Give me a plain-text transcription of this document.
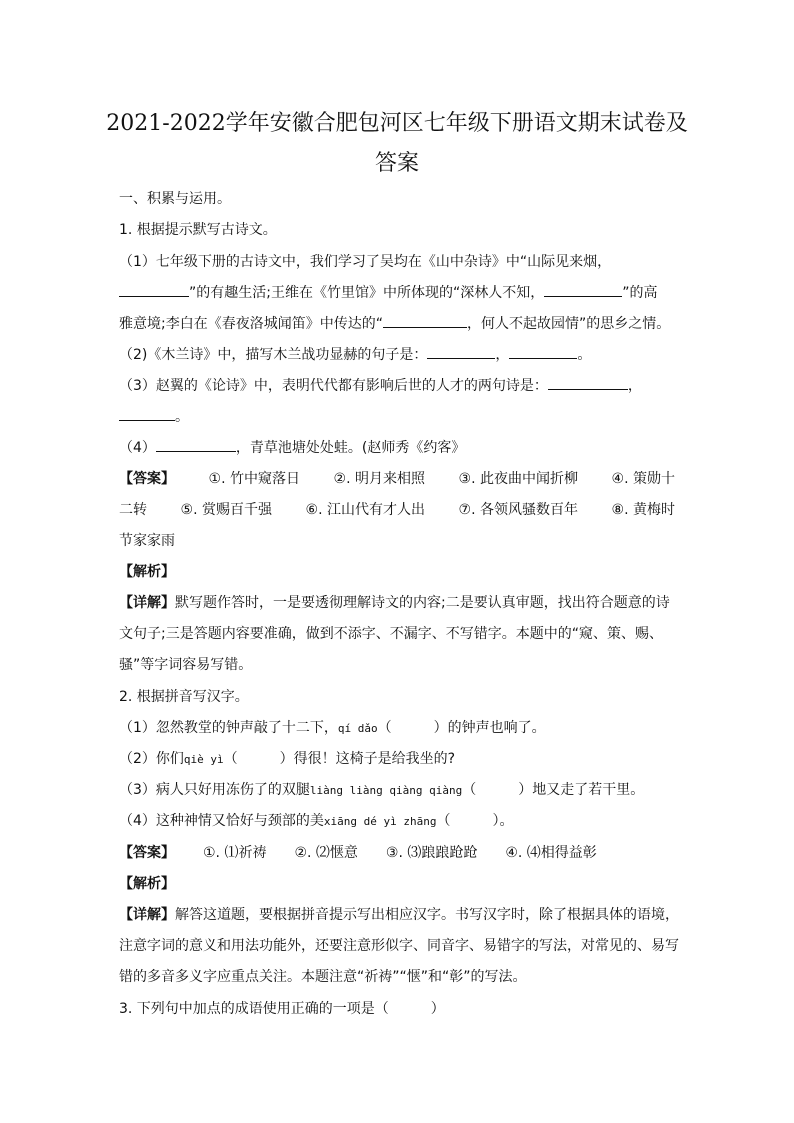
2021-2022学年安徽合肥包河区七年级下册语文期末试卷及
答案
一、积累与运用。
1. 根据提示默写古诗文。
（1）七年级下册的古诗文中，我们学习了吴均在《山中杂诗》中“山际见来烟，
”的有趣生活;王维在《竹里馆》中所体现的“深林人不知，	”的高
雅意境;李白在《春夜洛城闻笛》中传达的“	，何人不起故园情”的思乡之情。
（2)《木兰诗》中，描写木兰战功显赫的句子是：	，	。
（3）赵翼的《论诗》中，表明代代都有影响后世的人才的两句诗是：	，
。
（4）	，青草池塘处处蛙。(赵师秀《约客》
【答案】 ①. 竹中窥落日 ②. 明月来相照 ③. 此夜曲中闻折柳 ④. 策勋十
二转 ⑤. 赏赐百千强 ⑥. 江山代有才人出 ⑦. 各领风骚数百年 ⑧. 黄梅时
节家家雨
【解析】
【详解】默写题作答时，一是要透彻理解诗文的内容;二是要认真审题，找出符合题意的诗
文句子;三是答题内容要准确，做到不添字、不漏字、不写错字。本题中的“窥、策、赐、
骚”等字词容易写错。
2. 根据拼音写汉字。
（1）忽然教堂的钟声敲了十二下，qí dǎo（　　　）的钟声也响了。
（2）你们qiè yì（　　　）得很！这椅子是给我坐的?
（3）病人只好用冻伤了的双腿liàng liàng qiàng qiàng（　　　）地又走了若干里。
（4）这种神情又恰好与颈部的美xiāng dé yì zhāng（　　　）。
【答案】 ①. ⑴祈祷 ②. ⑵惬意 ③. ⑶踉踉跄跄 ④. ⑷相得益彰
【解析】
【详解】解答这道题，要根据拼音提示写出相应汉字。书写汉字时，除了根据具体的语境，
注意字词的意义和用法功能外，还要注意形似字、同音字、易错字的写法，对常见的、易写
错的多音多义字应重点关注。本题注意“祈祷”“惬”和“彰”的写法。
3. 下列句中加点的成语使用正确的一项是（　　　）
